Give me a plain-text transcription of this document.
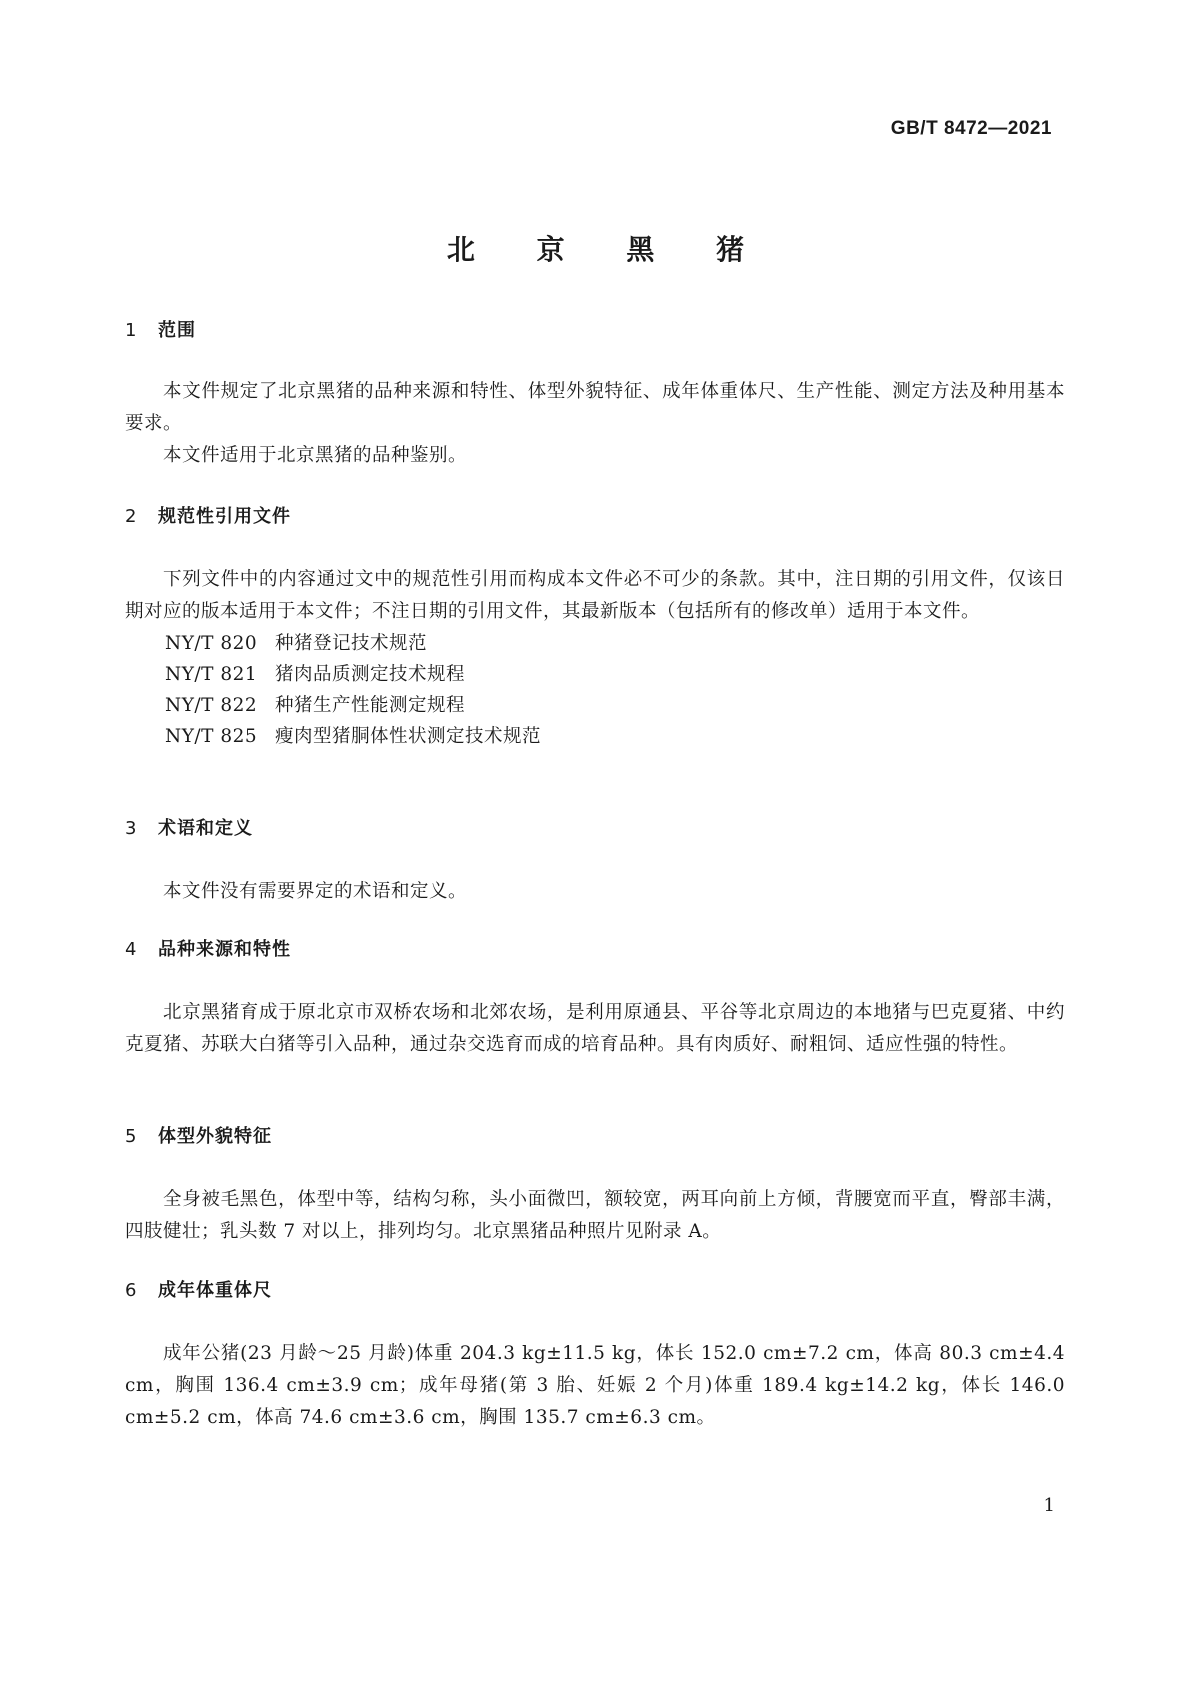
GB/T 8472—2021

北 京 黑 猪
1	范围

本文件规定了北京黑猪的品种来源和特性、体型外貌特征、成年体重体尺、生产性能、测定方法及种用基本要求。

本文件适用于北京黑猪的品种鉴别。

2	规范性引用文件

下列文件中的内容通过文中的规范性引用而构成本文件必不可少的条款。其中，注日期的引用文件，仅该日期对应的版本适用于本文件；不注日期的引用文件，其最新版本（包括所有的修改单）适用于本文件。

NY/T 820 种猪登记技术规范
NY/T 821 猪肉品质测定技术规程
NY/T 822 种猪生产性能测定规程
NY/T 825 瘦肉型猪胴体性状测定技术规范
3	术语和定义

本文件没有需要界定的术语和定义。

4	品种来源和特性

北京黑猪育成于原北京市双桥农场和北郊农场，是利用原通县、平谷等北京周边的本地猪与巴克夏猪、中约克夏猪、苏联大白猪等引入品种，通过杂交选育而成的培育品种。具有肉质好、耐粗饲、适应性强的特性。

5	体型外貌特征

全身被毛黑色，体型中等，结构匀称，头小面微凹，额较宽，两耳向前上方倾，背腰宽而平直，臀部丰满，四肢健壮；乳头数 7 对以上，排列均匀。北京黑猪品种照片见附录 A。

6	成年体重体尺

成年公猪(23 月龄～25 月龄)体重 204.3 kg±11.5 kg，体长 152.0 cm±7.2 cm，体高 80.3 cm±4.4 cm，胸围 136.4 cm±3.9 cm；成年母猪(第 3 胎、妊娠 2 个月)体重 189.4 kg±14.2 kg，体长 146.0 cm±5.2 cm，体高 74.6 cm±3.6 cm，胸围 135.7 cm±6.3 cm。

1
